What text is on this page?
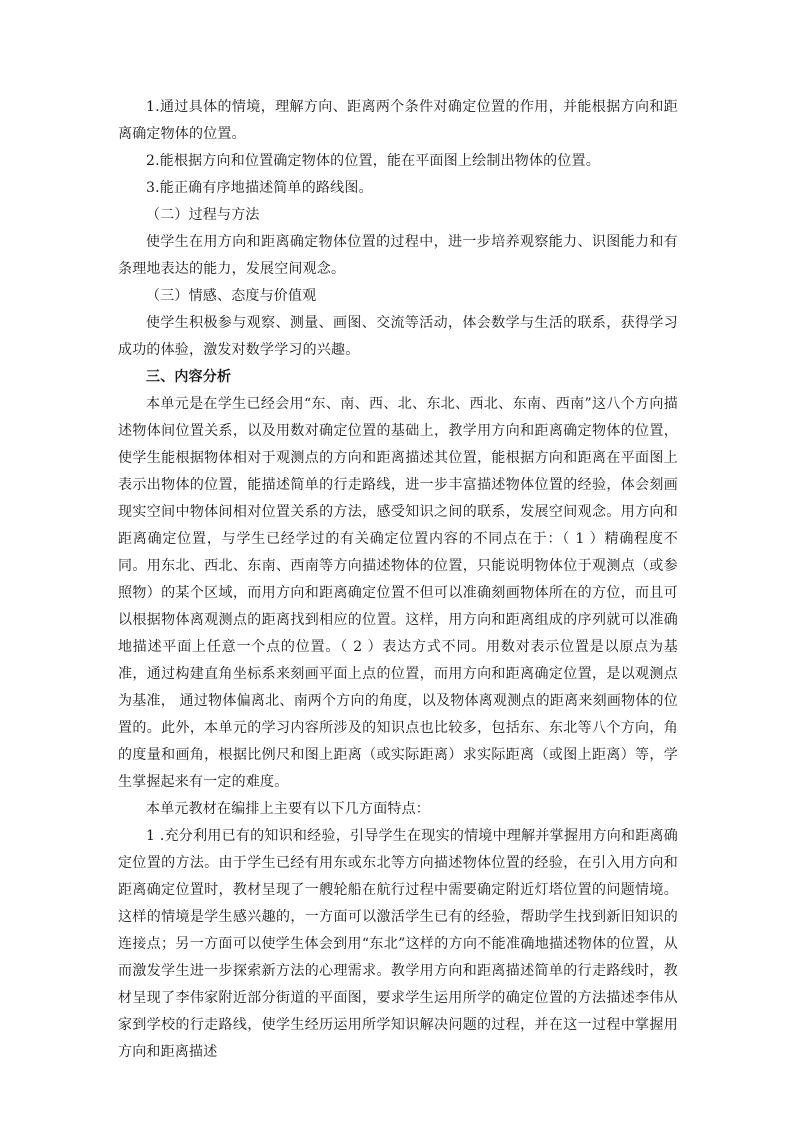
1.通过具体的情境，理解方向、距离两个条件对确定位置的作用，并能根据方向和距离确定物体的位置。

2.能根据方向和位置确定物体的位置，能在平面图上绘制出物体的位置。

3.能正确有序地描述简单的路线图。

（二）过程与方法

使学生在用方向和距离确定物体位置的过程中，进一步培养观察能力、识图能力和有条理地表达的能力，发展空间观念。

（三）情感、态度与价值观

使学生积极参与观察、测量、画图、交流等活动，体会数学与生活的联系，获得学习成功的体验，激发对数学学习的兴趣。

三、内容分析

本单元是在学生已经会用“东、南、西、北、东北、西北、东南、西南”这八个方向描述物体间位置关系，以及用数对确定位置的基础上，教学用方向和距离确定物体的位置，使学生能根据物体相对于观测点的方向和距离描述其位置，能根据方向和距离在平面图上表示出物体的位置，能描述简单的行走路线，进一步丰富描述物体位置的经验，体会刻画现实空间中物体间相对位置关系的方法，感受知识之间的联系，发展空间观念。用方向和距离确定位置，与学生已经学过的有关确定位置内容的不同点在于：（ 1 ）精确程度不同。用东北、西北、东南、西南等方向描述物体的位置，只能说明物体位于观测点（或参照物）的某个区域，而用方向和距离确定位置不但可以准确刻画物体所在的方位，而且可以根据物体离观测点的距离找到相应的位置。这样，用方向和距离组成的序列就可以准确地描述平面上任意一个点的位置。（ 2 ）表达方式不同。用数对表示位置是以原点为基准，通过构建直角坐标系来刻画平面上点的位置，而用方向和距离确定位置，是以观测点为基准， 通过物体偏离北、南两个方向的角度，以及物体离观测点的距离来刻画物体的位置的。此外，本单元的学习内容所涉及的知识点也比较多，包括东、东北等八个方向，角的度量和画角，根据比例尺和图上距离（或实际距离）求实际距离（或图上距离）等，学生掌握起来有一定的难度。

本单元教材在编排上主要有以下几方面特点：

1 .充分利用已有的知识和经验，引导学生在现实的情境中理解并掌握用方向和距离确定位置的方法。由于学生已经有用东或东北等方向描述物体位置的经验，在引入用方向和距离确定位置时，教材呈现了一艘轮船在航行过程中需要确定附近灯塔位置的问题情境。这样的情境是学生感兴趣的，一方面可以激活学生已有的经验，帮助学生找到新旧知识的连接点；另一方面可以使学生体会到用“东北”这样的方向不能准确地描述物体的位置，从而激发学生进一步探索新方法的心理需求。教学用方向和距离描述简单的行走路线时，教材呈现了李伟家附近部分街道的平面图，要求学生运用所学的确定位置的方法描述李伟从家到学校的行走路线，使学生经历运用所学知识解决问题的过程，并在这一过程中掌握用方向和距离描述
